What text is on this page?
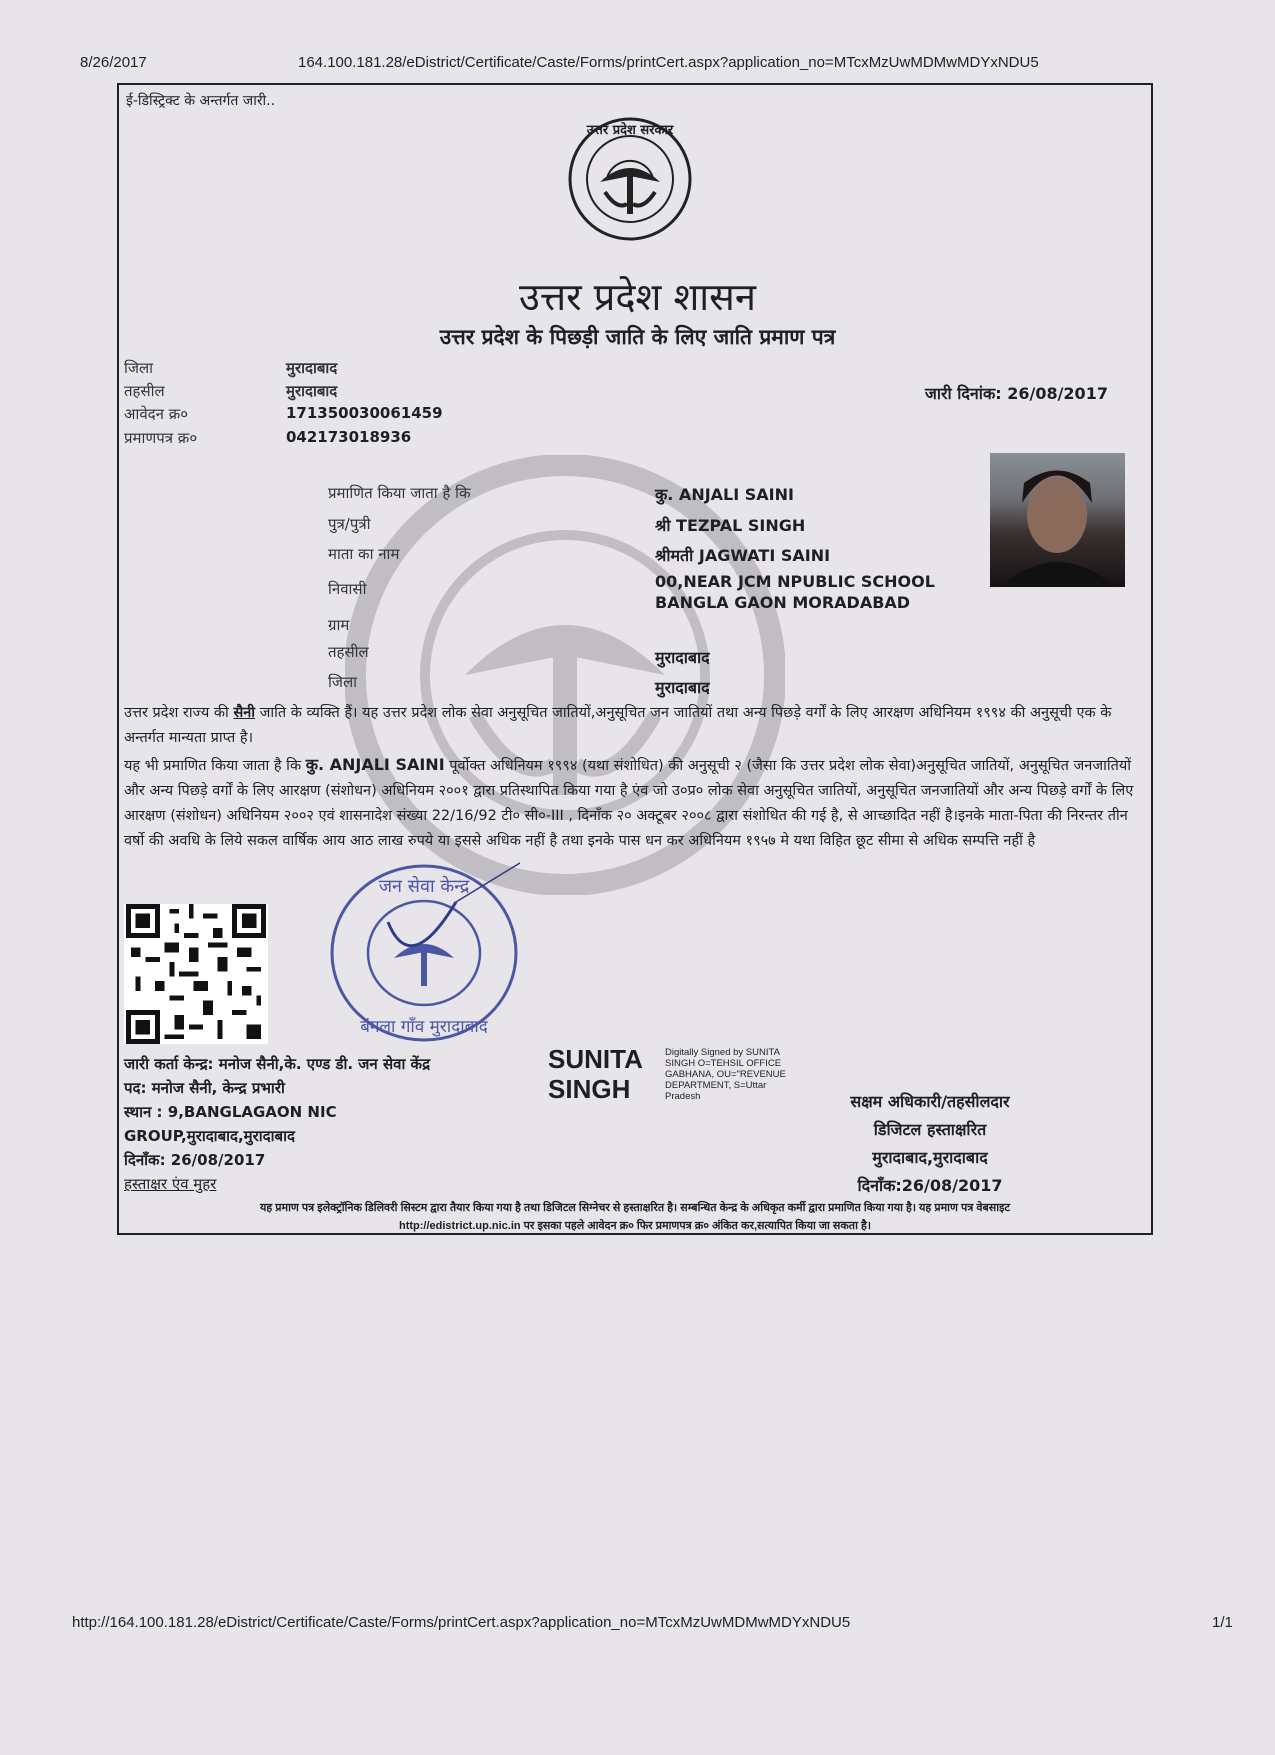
8/26/2017	164.100.181.28/eDistrict/Certificate/Caste/Forms/printCert.aspx?application_no=MTcxMzUwMDMwMDYxNDU5
ई-डिस्ट्रिक्ट के अन्तर्गत जारी..
उत्तर प्रदेश सरकार
उत्तर प्रदेश शासन
उत्तर प्रदेश के पिछड़ी जाति के लिए जाति प्रमाण पत्र
जिला	मुरादाबाद
तहसील	मुरादाबाद
आवेदन क्र०	171350030061459
प्रमाणपत्र क्र०	042173018936
जारी दिनांक: 26/08/2017
प्रमाणित किया जाता है कि	कु. ANJALI SAINI
पुत्र/पुत्री	श्री TEZPAL SINGH
माता का नाम	श्रीमती JAGWATI SAINI
निवासी	00,NEAR JCM NPUBLIC SCHOOL BANGLA GAON MORADABAD
ग्राम
तहसील	मुरादाबाद
जिला	मुरादाबाद
उत्तर प्रदेश राज्य की सैनी जाति के व्यक्ति हैं। यह उत्तर प्रदेश लोक सेवा अनुसूचित जातियों,अनुसूचित जन जातियों तथा अन्य पिछड़े वर्गों के लिए आरक्षण अधिनियम १९९४ की अनुसूची एक के अन्तर्गत मान्यता प्राप्त है।
यह भी प्रमाणित किया जाता है कि कु. ANJALI SAINI पूर्वोक्त अधिनियम १९९४ (यथा संशोधित) की अनुसूची २ (जैसा कि उत्तर प्रदेश लोक सेवा)अनुसूचित जातियों, अनुसूचित जनजातियों और अन्य पिछड़े वर्गों के लिए आरक्षण (संशोधन) अधिनियम २००१ द्वारा प्रतिस्थापित किया गया है एंव जो उ०प्र० लोक सेवा अनुसूचित जातियों, अनुसूचित जनजातियों और अन्य पिछड़े वर्गों के लिए आरक्षण (संशोधन) अधिनियम २००२ एवं शासनादेश संख्या 22/16/92 टी० सी०-III , दिनाँक २० अक्टूबर २००८ द्वारा संशोधित की गई है, से आच्छादित नहीं है।इनके माता-पिता की निरन्तर तीन वर्षो की अवधि के लिये सकल वार्षिक आय आठ लाख रुपये या इससे अधिक नहीं है तथा इनके पास धन कर अधिनियम १९५७ मे यथा विहित छूट सीमा से अधिक सम्पत्ति नहीं है
जन सेवा केन्द्र
बंगला गाँव मुरादाबाद
जारी कर्ता केन्द्र: मनोज सैनी,के. एण्ड डी. जन सेवा केंद्र
पद: मनोज सैनी, केन्द्र प्रभारी
स्थान : 9,BANGLAGAON NIC
GROUP,मुरादाबाद,मुरादाबाद
दिनाँक: 26/08/2017
हस्ताक्षर एंव मुहर
SUNITA
SINGH
Digitally Signed by SUNITA
SINGH O=TEHSIL OFFICE
GABHANA, OU="REVENUE
DEPARTMENT, S=Uttar
Pradesh	सक्षम अधिकारी/तहसीलदार
डिजिटल हस्ताक्षरित
मुरादाबाद,मुरादाबाद
दिनाँक:26/08/2017
यह प्रमाण पत्र इलेक्ट्रॉनिक डिलिवरी सिस्टम द्वारा तैयार किया गया है तथा डिजिटल सिग्नेचर से हस्ताक्षरित है। सम्बन्धित केन्द्र के अधिकृत कर्मी द्वारा प्रमाणित किया गया है। यह प्रमाण पत्र वेबसाइट
http://edistrict.up.nic.in पर इसका पहले आवेदन क्र० फिर प्रमाणपत्र क्र० अंकित कर,सत्यापित किया जा सकता है।
http://164.100.181.28/eDistrict/Certificate/Caste/Forms/printCert.aspx?application_no=MTcxMzUwMDMwMDYxNDU5	1/1
